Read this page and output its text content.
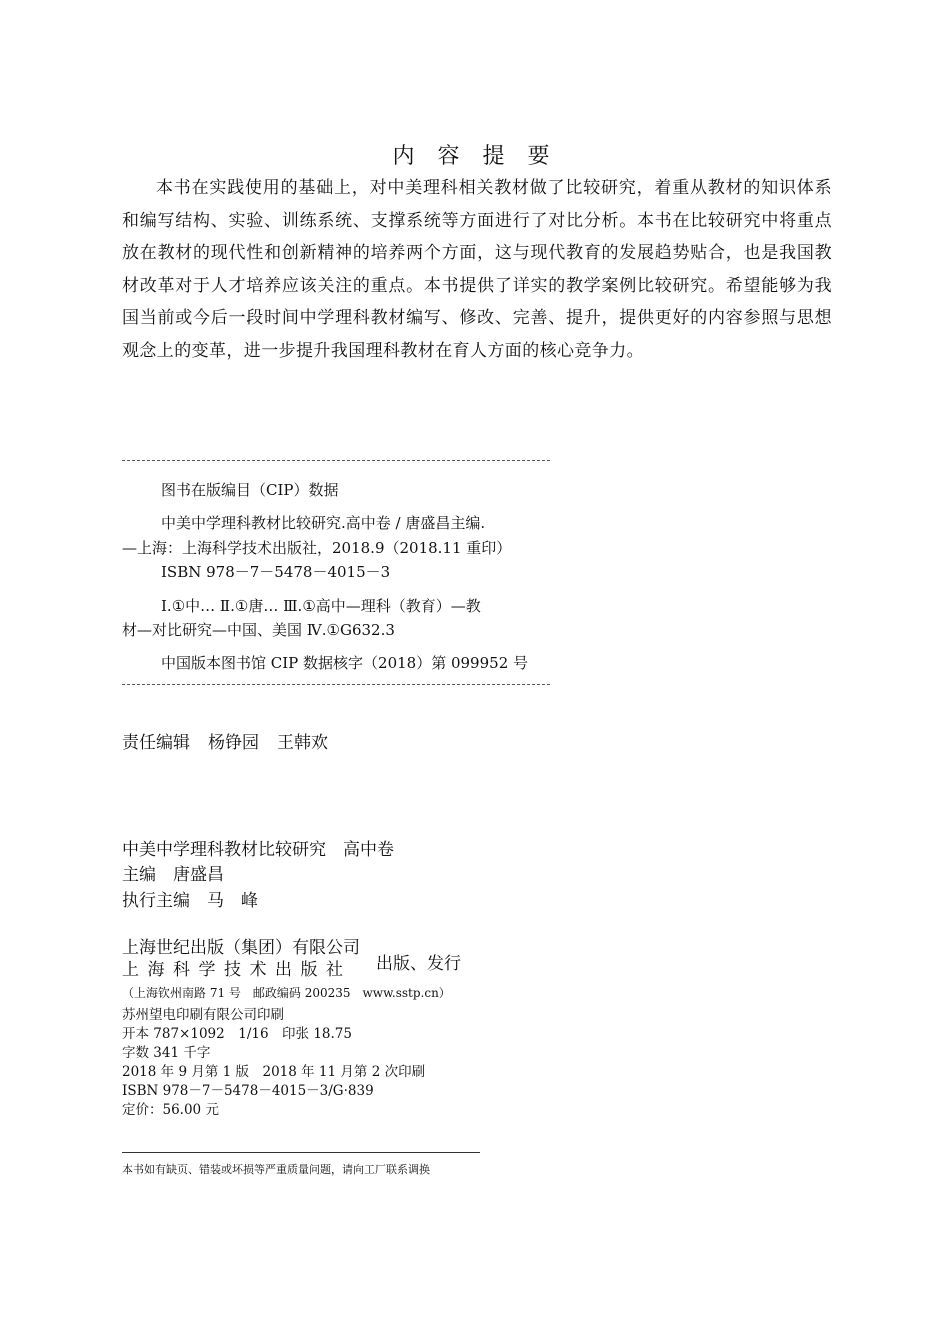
内 容 提 要
本书在实践使用的基础上，对中美理科相关教材做了比较研究，着重从教材的知识体系和编写结构、实验、训练系统、支撑系统等方面进行了对比分析。本书在比较研究中将重点放在教材的现代性和创新精神的培养两个方面，这与现代教育的发展趋势贴合，也是我国教材改革对于人才培养应该关注的重点。本书提供了详实的教学案例比较研究。希望能够为我国当前或今后一段时间中学理科教材编写、修改、完善、提升，提供更好的内容参照与思想观念上的变革，进一步提升我国理科教材在育人方面的核心竞争力。
图书在版编目（CIP）数据
中美中学理科教材比较研究.高中卷 / 唐盛昌主编.
—上海：上海科学技术出版社，2018.9（2018.11 重印）
ISBN 978－7－5478－4015－3
Ⅰ.①中… Ⅱ.①唐… Ⅲ.①高中—理科（教育）—教
材—对比研究—中国、美国 Ⅳ.①G632.3
中国版本图书馆 CIP 数据核字（2018）第 099952 号
责任编辑 杨铮园 王韩欢
中美中学理科教材比较研究　高中卷
主编　唐盛昌
执行主编　马　峰
上海世纪出版（集团）有限公司
上海科学技术出版社	出版、发行
（上海钦州南路 71 号　邮政编码 200235　www.sstp.cn）
苏州望电印刷有限公司印刷
开本 787×1092　1/16　印张 18.75
字数 341 千字
2018 年 9 月第 1 版　2018 年 11 月第 2 次印刷
ISBN 978－7－5478－4015－3/G·839
定价：56.00 元
本书如有缺页、错装或坏损等严重质量问题，请向工厂联系调换
